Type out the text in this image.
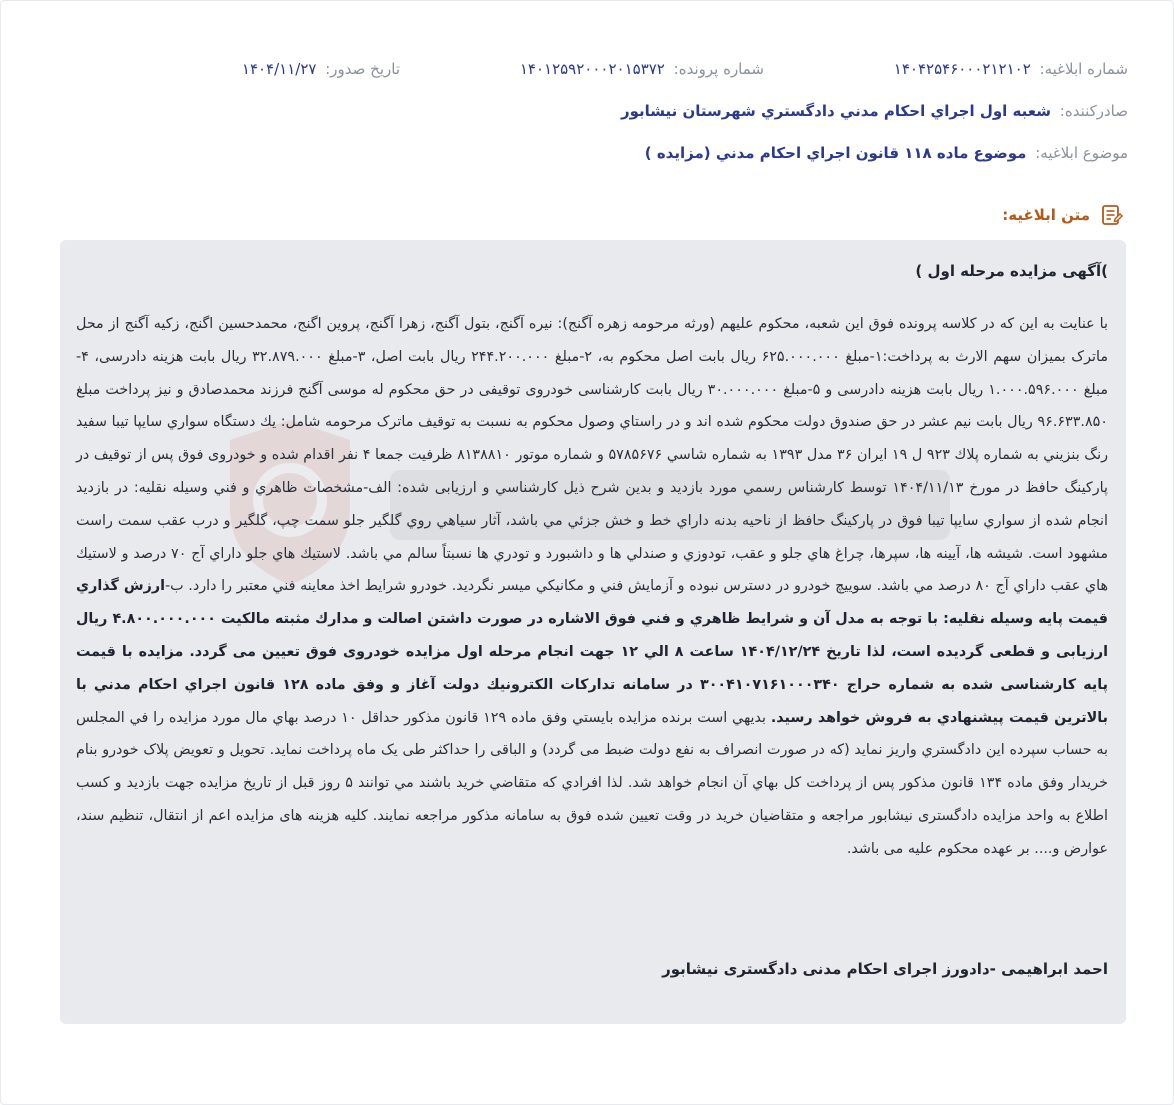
شماره ابلاغیه: ۱۴۰۴۲۵۴۶۰۰۰۲۱۲۱۰۲
شماره پرونده: ۱۴۰۱۲۵۹۲۰۰۰۲۰۱۵۳۷۲
تاریخ صدور: ۱۴۰۴/۱۱/۲۷
صادرکننده: شعبه اول اجراي احكام مدني دادگستري شهرستان نيشابور
موضوع ابلاغیه: موضوع ماده ۱۱۸ قانون اجراي احكام مدني (مزايده )
متن ابلاغیه:
)آگهی مزایده مرحله اول )
با عنايت به اين كه در كلاسه پرونده فوق اين شعبه، محكوم عليهم (ورثه مرحومه زهره آگنج): نيره آگنج، بتول آگنج، زهرا آگنج، پروين اگنج، محمدحسين اگنج، زكيه آگنج از محل ماترک بميزان سهم الارث به پرداخت:۱-مبلغ ۶۲۵.۰۰۰.۰۰۰ ريال بابت اصل محکوم به، ۲-مبلغ ۲۴۴.۲۰۰.۰۰۰ ريال بابت اصل، ۳-مبلغ ۳۲.۸۷۹.۰۰۰ ريال بابت هزينه دادرسی، ۴-مبلغ ۱.۰۰۰.۵۹۶.۰۰۰ ريال بابت هزينه دادرسی و ۵-مبلغ ۳۰.۰۰۰.۰۰۰ ريال بابت كارشناسی خودروی توقيفی در حق محكوم له موسی آگنج فرزند محمدصادق و نيز پرداخت مبلغ ۹۶.۶۳۳.۸۵۰ ريال بابت نيم عشر در حق صندوق دولت محكوم شده اند و در راستاي وصول محكوم به نسبت به توقيف ماترک مرحومه شامل: يك دستگاه سواري سايپا تيبا سفيد رنگ بنزيني به شماره پلاك ۹۲۳ ل ۱۹ ايران ۳۶ مدل ۱۳۹۳ به شماره شاسي ۵۷۸۵۶۷۶ و شماره موتور ۸۱۳۸۸۱۰ ظرفيت جمعا ۴ نفر اقدام شده و خودروی فوق پس از توقيف در پاركينگ حافظ در مورخ ۱۴۰۴/۱۱/۱۳ توسط كارشناس رسمي مورد بازديد و بدين شرح ذيل كارشناسي و ارزيابی شده: الف-مشخصات ظاهري و فني وسيله نقليه: در بازديد انجام شده از سواري سايپا تيبا فوق در پاركينگ حافظ از ناحيه بدنه داراي خط و خش جزئي مي باشد، آثار سياهي روي گلگير جلو سمت چپ، گلگير و درب عقب سمت راست مشهود است. شيشه ها، آيينه ها، سپرها، چراغ هاي جلو و عقب، تودوزي و صندلي ها و داشبورد و تودري ها نسبتاً سالم مي باشد. لاستيك هاي جلو داراي آج ۷۰ درصد و لاستيك هاي عقب داراي آج ۸۰ درصد مي باشد. سوييچ خودرو در دسترس نبوده و آزمايش فني و مكانيكي ميسر نگرديد. خودرو شرايط اخذ معاينه فني معتبر را دارد. ب-ارزش گذاري قيمت پايه وسيله نقليه: با توجه به مدل آن و شرايط ظاهري و فني فوق الاشاره در صورت داشتن اصالت و مدارك مثبته مالكيت ۴.۸۰۰.۰۰۰.۰۰۰ ريال ارزيابی و قطعی گرديده است، لذا تاريخ ۱۴۰۴/۱۲/۲۴ ساعت ۸ الي ۱۲ جهت انجام مرحله اول مزايده خودروی فوق تعيين می گردد. مزايده با قيمت پايه كارشناسی شده به شماره حراج ۳۰۰۴۱۰۷۱۶۱۰۰۰۳۴۰ در سامانه تداركات الكترونيك دولت آغاز و وفق ماده ۱۲۸ قانون اجراي احكام مدني با بالاترين قيمت پيشنهادي به فروش خواهد رسيد. بديهي است برنده مزايده بايستي وفق ماده ۱۲۹ قانون مذكور حداقل ۱۰ درصد بهاي مال مورد مزايده را في المجلس به حساب سپرده اين دادگستري واريز نمايد (كه در صورت انصراف به نفع دولت ضبط می گردد) و الباقی را حداكثر طی يک ماه پرداخت نمايد. تحويل و تعويض پلاک خودرو بنام خريدار وفق ماده ۱۳۴ قانون مذكور پس از پرداخت كل بهاي آن انجام خواهد شد. لذا افرادي كه متقاضي خريد باشند مي توانند ۵ روز قبل از تاريخ مزايده جهت بازديد و كسب اطلاع به واحد مزايده دادگستری نيشابور مراجعه و متقاضيان خريد در وقت تعيين شده فوق به سامانه مذكور مراجعه نمايند. كليه هزينه های مزايده اعم از انتقال، تنظيم سند، عوارض و.... بر عهده محكوم عليه می باشد.
احمد ابراهیمی -دادورز اجرای احکام مدنی دادگستری نیشابور
